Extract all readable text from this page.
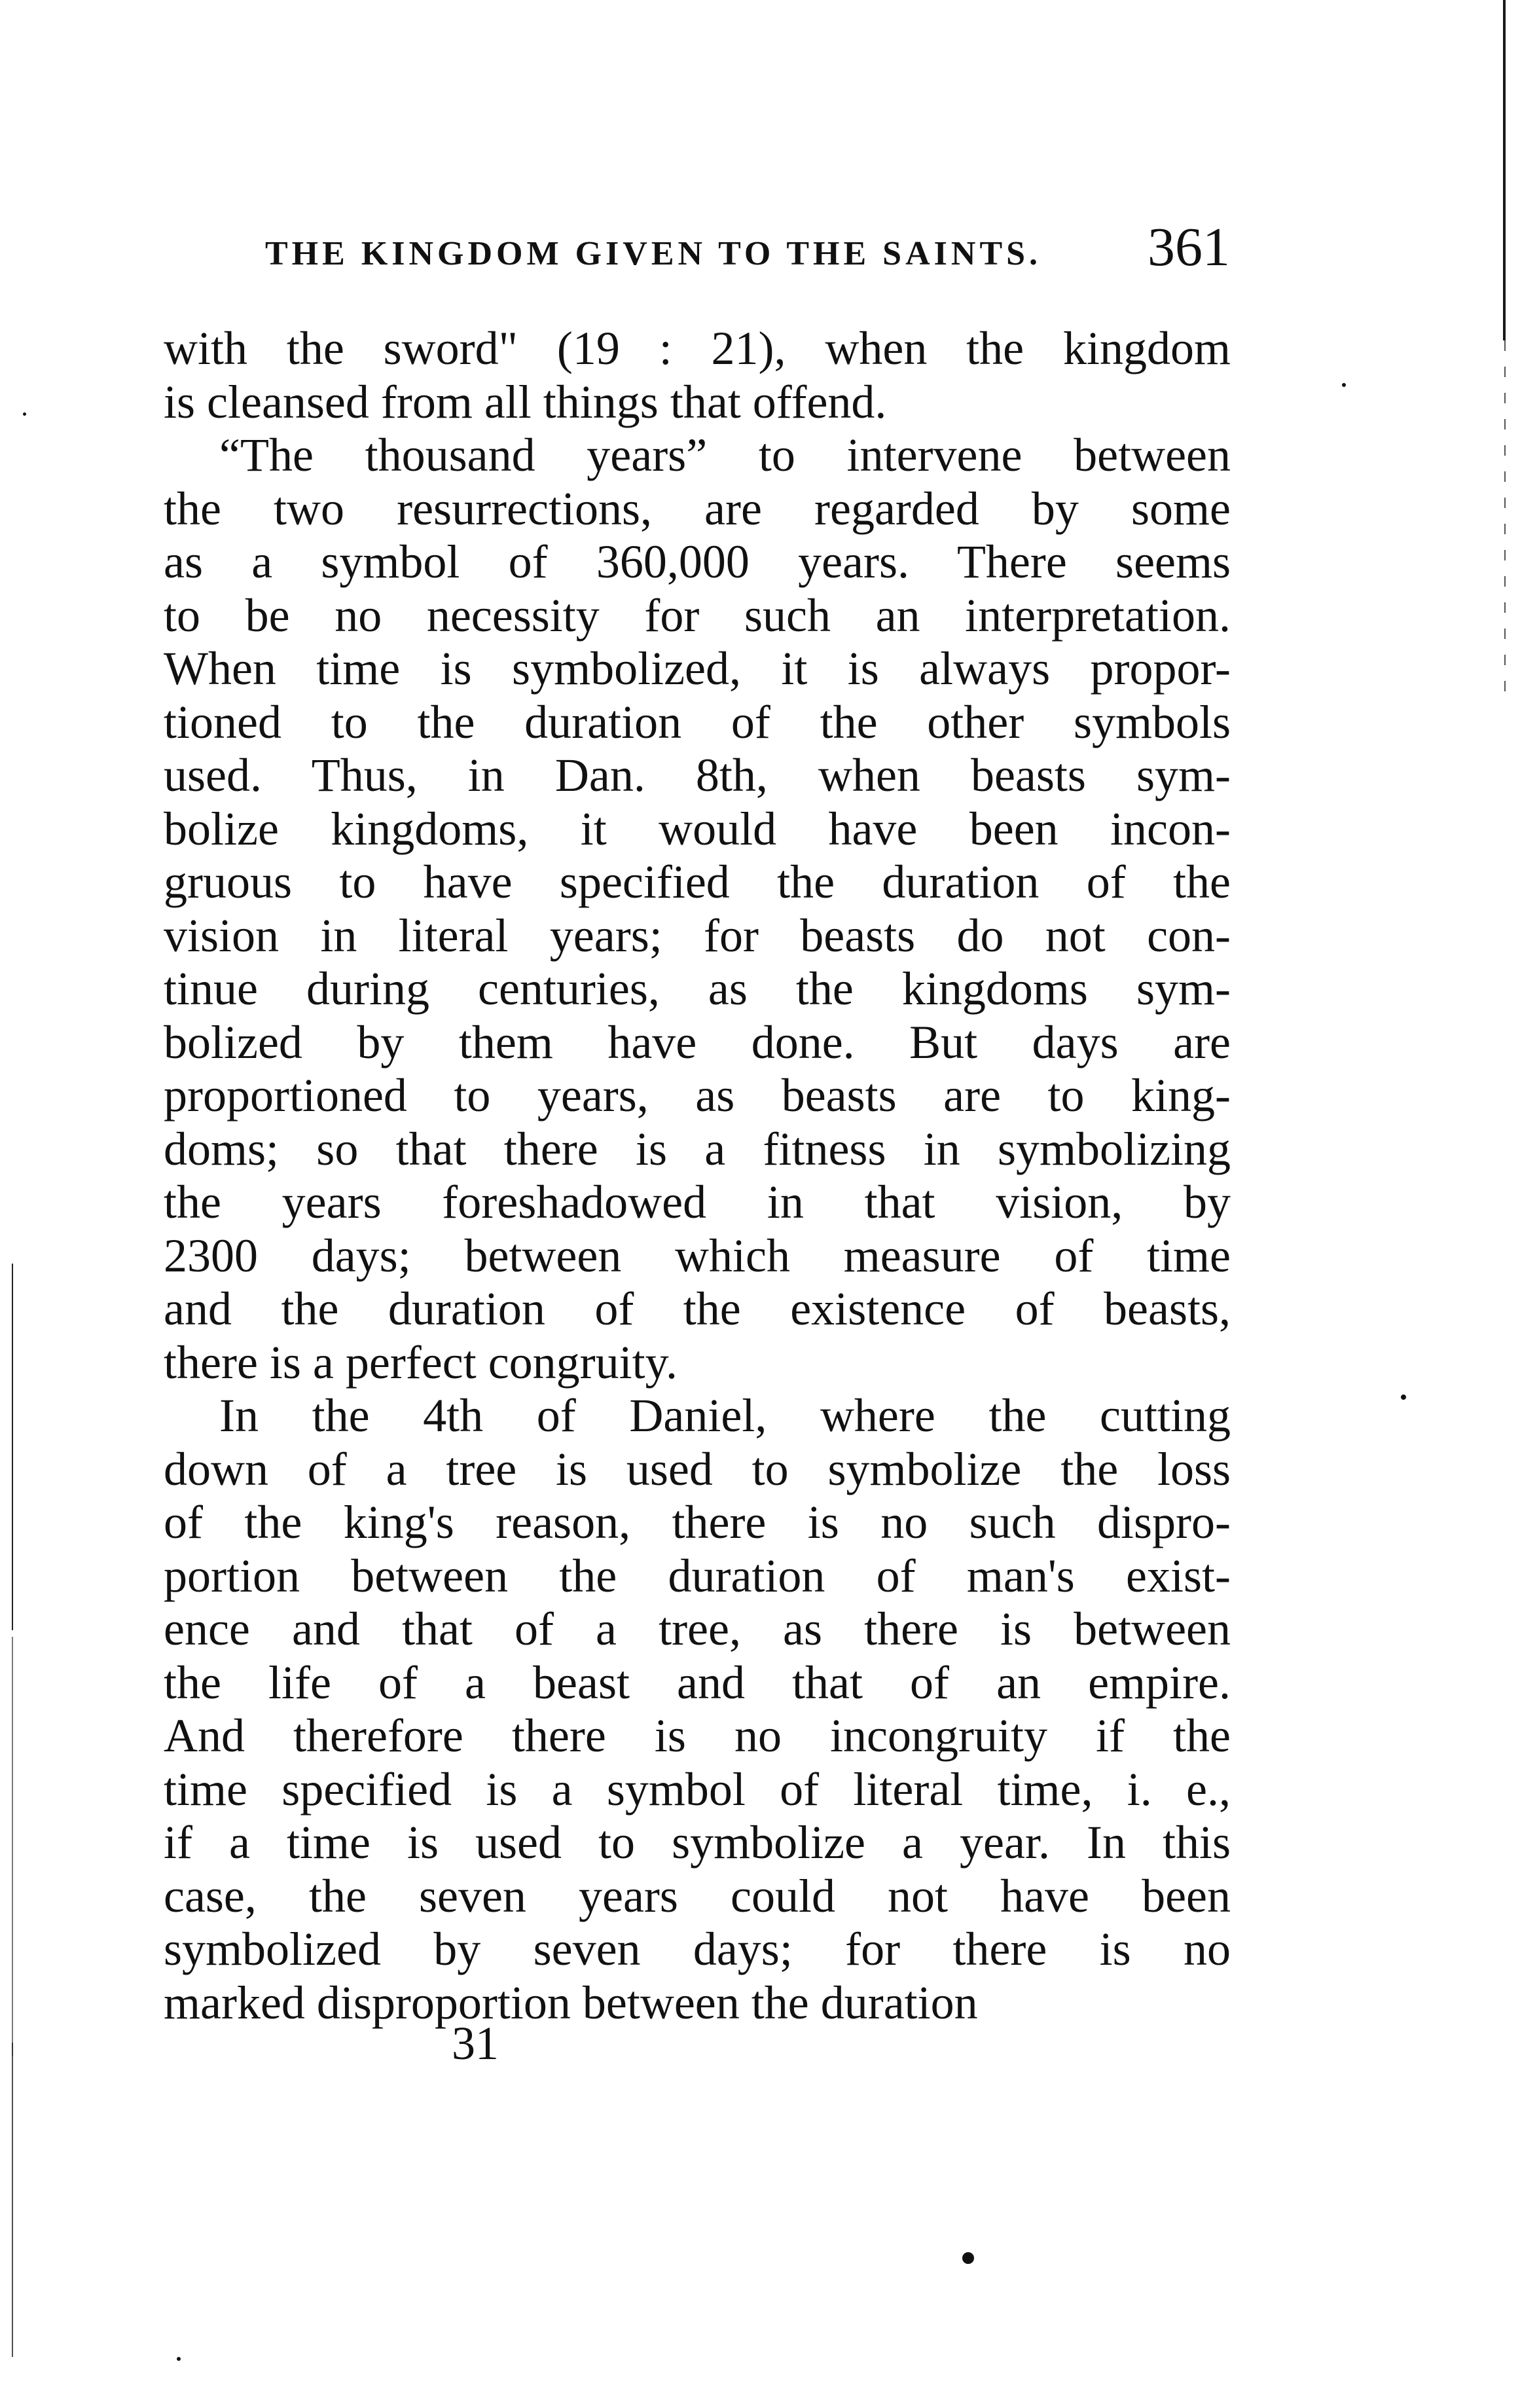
THE KINGDOM GIVEN TO THE SAINTS. 361
with the sword" (19 : 21), when the kingdom
is cleansed from all things that offend.
“The thousand years” to intervene between
the two resurrections, are regarded by some
as a symbol of 360,000 years. There seems
to be no necessity for such an interpretation.
When time is symbolized, it is always propor-
tioned to the duration of the other symbols
used. Thus, in Dan. 8th, when beasts sym-
bolize kingdoms, it would have been incon-
gruous to have specified the duration of the
vision in literal years; for beasts do not con-
tinue during centuries, as the kingdoms sym-
bolized by them have done. But days are
proportioned to years, as beasts are to king-
doms; so that there is a fitness in symbolizing
the years foreshadowed in that vision, by
2300 days; between which measure of time
and the duration of the existence of beasts,
there is a perfect congruity.
In the 4th of Daniel, where the cutting
down of a tree is used to symbolize the loss
of the king's reason, there is no such dispro-
portion between the duration of man's exist-
ence and that of a tree, as there is between
the life of a beast and that of an empire.
And therefore there is no incongruity if the
time specified is a symbol of literal time, i. e.,
if a time is used to symbolize a year. In this
case, the seven years could not have been
symbolized by seven days; for there is no
marked disproportion between the duration
31
